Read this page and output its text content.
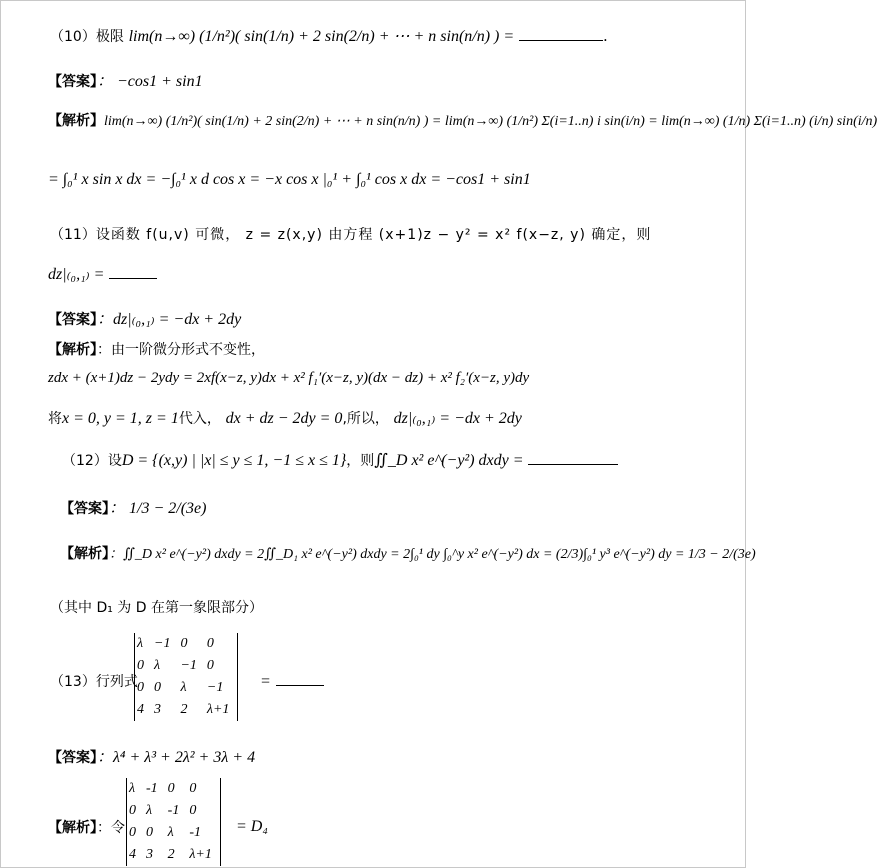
（10）极限 lim(n→∞) (1/n²)( sin(1/n) + 2 sin(2/n) + ⋯ + n sin(n/n) ) =	.
【答案】： −cos1 + sin1
【解析】lim(n→∞) (1/n²)( sin(1/n) + 2 sin(2/n) + ⋯ + n sin(n/n) ) = lim(n→∞) (1/n²) Σ(i=1..n) i sin(i/n) = lim(n→∞) (1/n) Σ(i=1..n) (i/n) sin(i/n)
= ∫₀¹ x sin x dx = −∫₀¹ x d cos x = −x cos x |₀¹ + ∫₀¹ cos x dx = −cos1 + sin1
（11）设函数 f(u,v) 可微， z = z(x,y) 由方程 (x+1)z − y² = x² f(x−z, y) 确定，则
dz|₍₀,₁₎ =
【答案】：dz|₍₀,₁₎ = −dx + 2dy
【解析】：由一阶微分形式不变性，
zdx + (x+1)dz − 2ydy = 2xf(x−z, y)dx + x² f₁′(x−z, y)(dx − dz) + x² f₂′(x−z, y)dy
将x = 0, y = 1, z = 1代入， dx + dz − 2dy = 0,所以， dz|₍₀,₁₎ = −dx + 2dy
（12）设D = {(x,y) | |x| ≤ y ≤ 1, −1 ≤ x ≤ 1}，则∬_D x² e^(−y²) dxdy =
【答案】： 1/3 − 2/(3e)
【解析】：∬_D x² e^(−y²) dxdy = 2∬_D₁ x² e^(−y²) dxdy = 2∫₀¹ dy ∫₀^y x² e^(−y²) dx = (2/3)∫₀¹ y³ e^(−y²) dy = 1/3 − 2/(3e)
（其中 D₁ 为 D 在第一象限部分）
（13）行列式
λ	−1	0	0
0	λ	−1	0
0	0	λ	−1
4	3	2	λ+1
=
【答案】：λ⁴ + λ³ + 2λ² + 3λ + 4
【解析】：令
λ	-1	0	0
0	λ	-1	0
0	0	λ	-1
4	3	2	λ+1
= D₄
